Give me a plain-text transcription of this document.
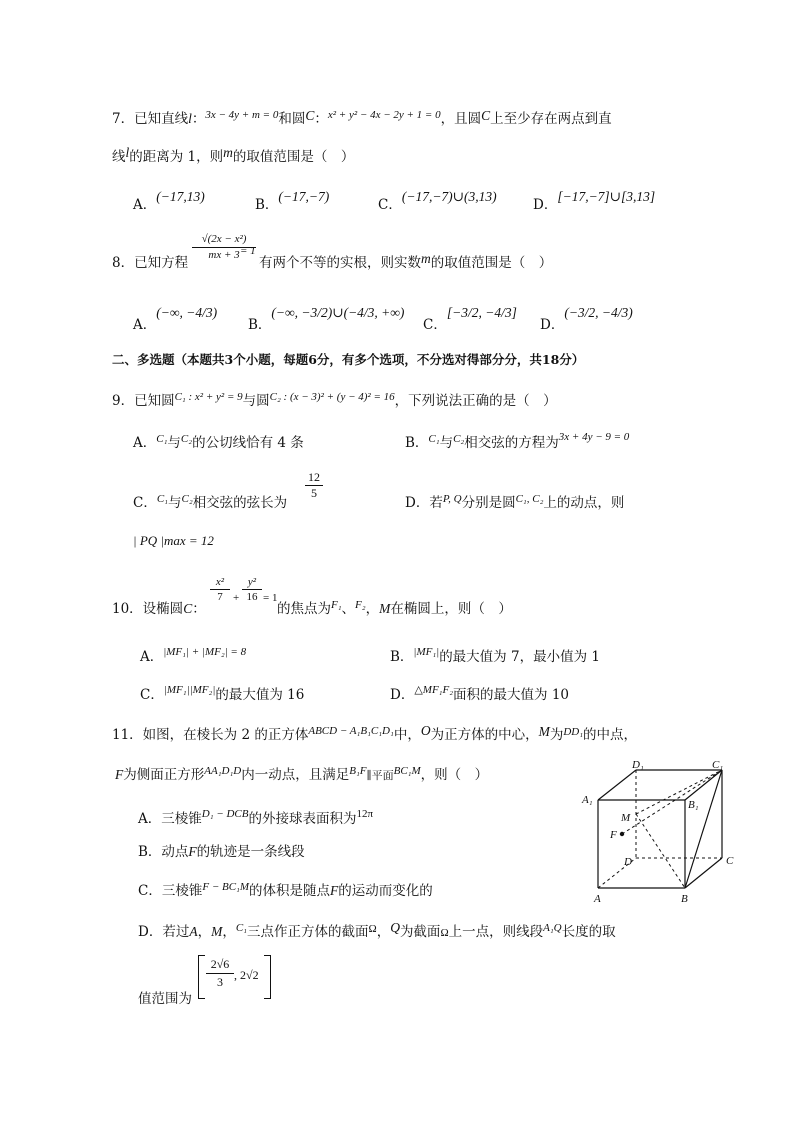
7．已知直线l：$^{3x - 4y + m = 0}$和圆C：$^{x^2 + y^2 - 4x - 2y + 1 = 0}$，且圆C上至少存在两点到直
线l的距离为 1，则m的取值范围是（　）
A．(−17,13)
B．(−17,−7)
C．(−17,−7)∪(3,13)
D．[−17,−7]∪[3,13]
8．已知方程 $\frac{\text{√(2x − x²)}}{mx + 3}$
= 1
有两个不等的实根，则实数m的取值范围是（　）
A．(−∞, −4/3)
B．(−∞, −3/2)∪(−4/3, +∞)
C．[−3/2, −4/3]
D．(−3/2, −4/3)
二、多选题（本题共3个小题，每题6分，有多个选项，不分选对得部分分，共18分）
9．已知圆$^{C_1 : x^2 + y^2 = 9}$与圆$^{C_2 : (x - 3)^2 + (y - 4)^2 = 16}$，下列说法正确的是（　）
A．$^{C_1}$与$^{C_2}$的公切线恰有 4 条	B．$^{C_1}$与$^{C_2}$相交弦的方程为$^{3x + 4y - 9 = 0}$
C．$^{C_1}$与$^{C_2}$相交弦的弦长为
$\frac{12}{5}$
D．若$^{P, Q}$分别是圆$^{C_1, C_2}$上的动点，则
| PQ |max = 12
10．设椭圆C：
$\frac{\text{x²}}{7} + \frac{\text{y²}}{16} = 1$
的焦点为$^{F_1}$、$^{F_2}$，M在椭圆上，则（　）
A．|MF₁| + |MF₂| = 8	B．|MF₁|的最大值为 7，最小值为 1
C．|MF₁||MF₂|的最大值为 16	D．△MF₁F₂面积的最大值为 10
11．如图，在棱长为 2 的正方体$^{ABCD - A_1B_1C_1D_1}$中，O为正方体的中心，M为$^{DD_1}$的中点，
F为侧面正方形$^{AA_1D_1D}$内一动点，且满足$^{B_1F}$∥平面$^{BC_1M}$，则（　）
A．三棱锥$^{D_1 - DCB}$的外接球表面积为$^{12\pi}$
B．动点F的轨迹是一条线段
C．三棱锥$^{F - BC_1M}$的体积是随点F的运动而变化的
D．若过A，M，$^{C_1}$三点作正方体的截面$^\Omega$，Q为截面Ω上一点，则线段$^{A_1Q}$长度的取
值范围为
$\frac{2√6}{3}$ , 2√2
D₁	C₁
A₁	B₁
M
F
D	C
A	B
